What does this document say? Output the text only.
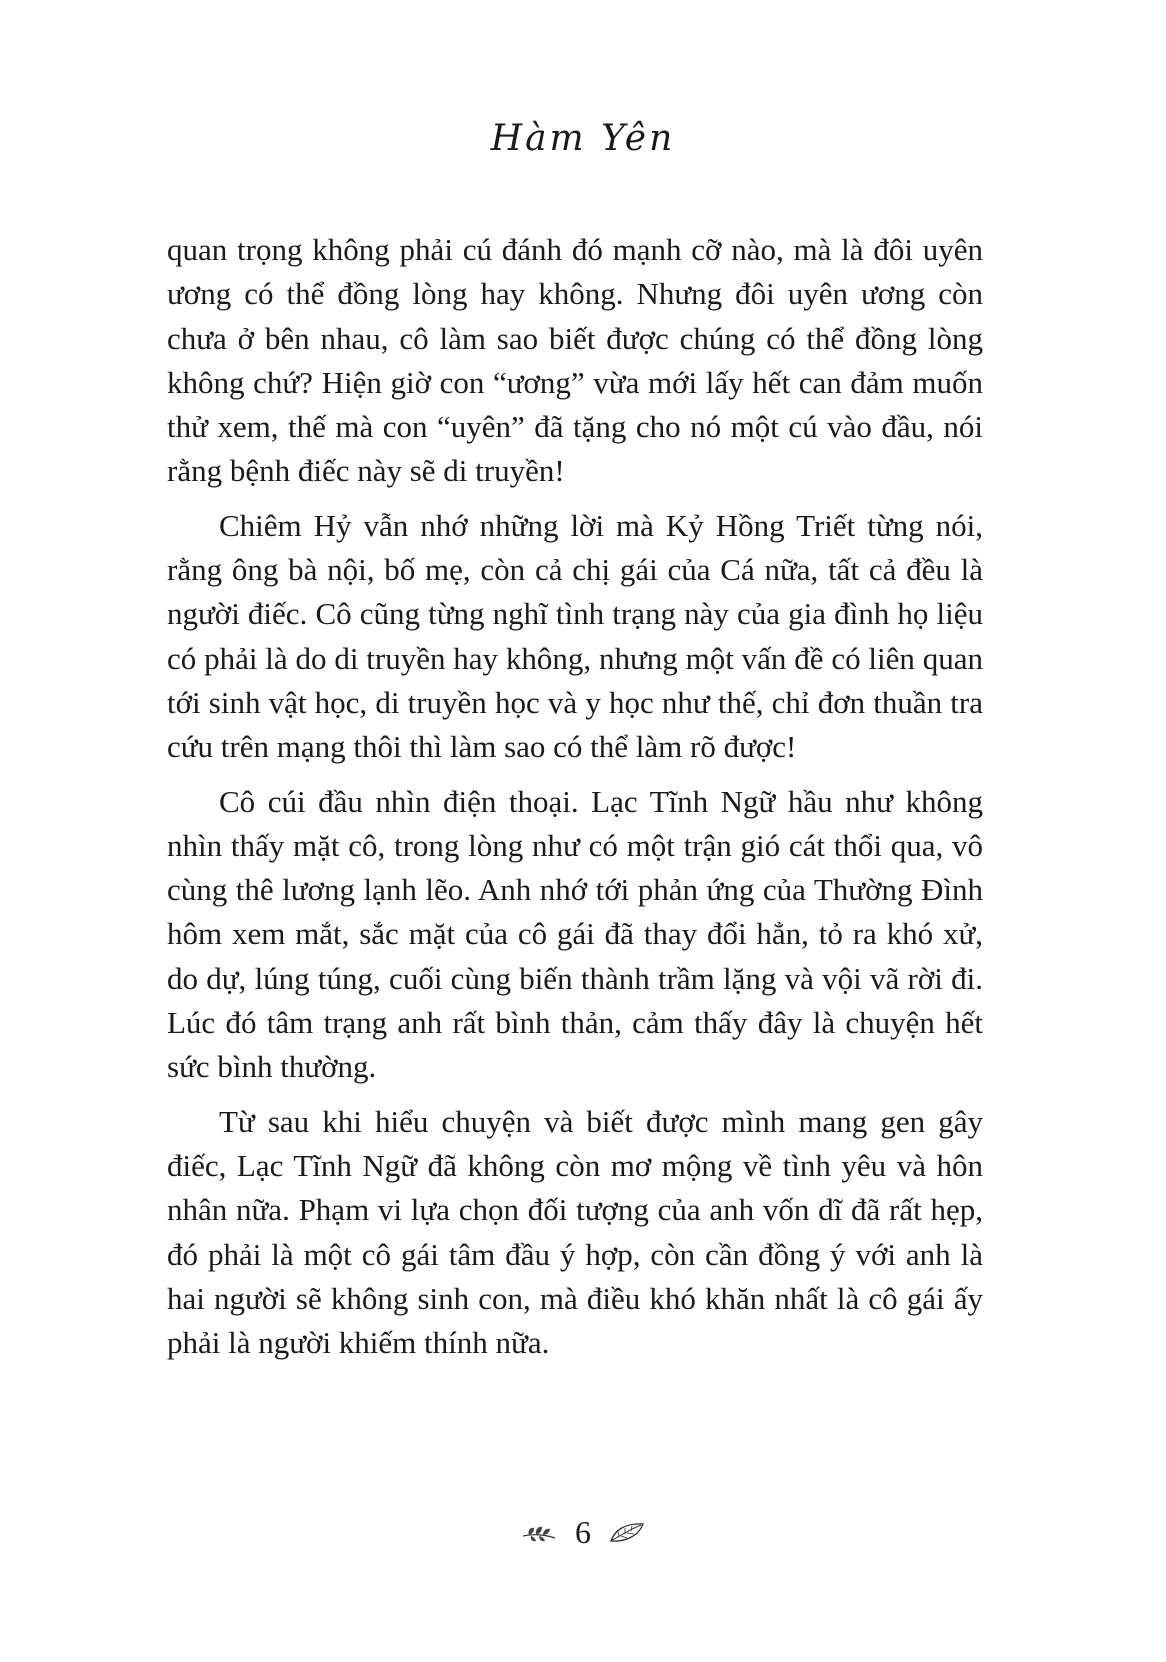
Hàm Yên

quan trọng không phải cú đánh đó mạnh cỡ nào, mà là đôi uyên ương có thể đồng lòng hay không. Nhưng đôi uyên ương còn chưa ở bên nhau, cô làm sao biết được chúng có thể đồng lòng không chứ? Hiện giờ con “ương” vừa mới lấy hết can đảm muốn thử xem, thế mà con “uyên” đã tặng cho nó một cú vào đầu, nói rằng bệnh điếc này sẽ di truyền!

Chiêm Hỷ vẫn nhớ những lời mà Kỷ Hồng Triết từng nói, rằng ông bà nội, bố mẹ, còn cả chị gái của Cá nữa, tất cả đều là người điếc. Cô cũng từng nghĩ tình trạng này của gia đình họ liệu có phải là do di truyền hay không, nhưng một vấn đề có liên quan tới sinh vật học, di truyền học và y học như thế, chỉ đơn thuần tra cứu trên mạng thôi thì làm sao có thể làm rõ được!

Cô cúi đầu nhìn điện thoại. Lạc Tĩnh Ngữ hầu như không nhìn thấy mặt cô, trong lòng như có một trận gió cát thổi qua, vô cùng thê lương lạnh lẽo. Anh nhớ tới phản ứng của Thường Đình hôm xem mắt, sắc mặt của cô gái đã thay đổi hẳn, tỏ ra khó xử, do dự, lúng túng, cuối cùng biến thành trầm lặng và vội vã rời đi. Lúc đó tâm trạng anh rất bình thản, cảm thấy đây là chuyện hết sức bình thường.

Từ sau khi hiểu chuyện và biết được mình mang gen gây điếc, Lạc Tĩnh Ngữ đã không còn mơ mộng về tình yêu và hôn nhân nữa. Phạm vi lựa chọn đối tượng của anh vốn dĩ đã rất hẹp, đó phải là một cô gái tâm đầu ý hợp, còn cần đồng ý với anh là hai người sẽ không sinh con, mà điều khó khăn nhất là cô gái ấy phải là người khiếm thính nữa.

6
